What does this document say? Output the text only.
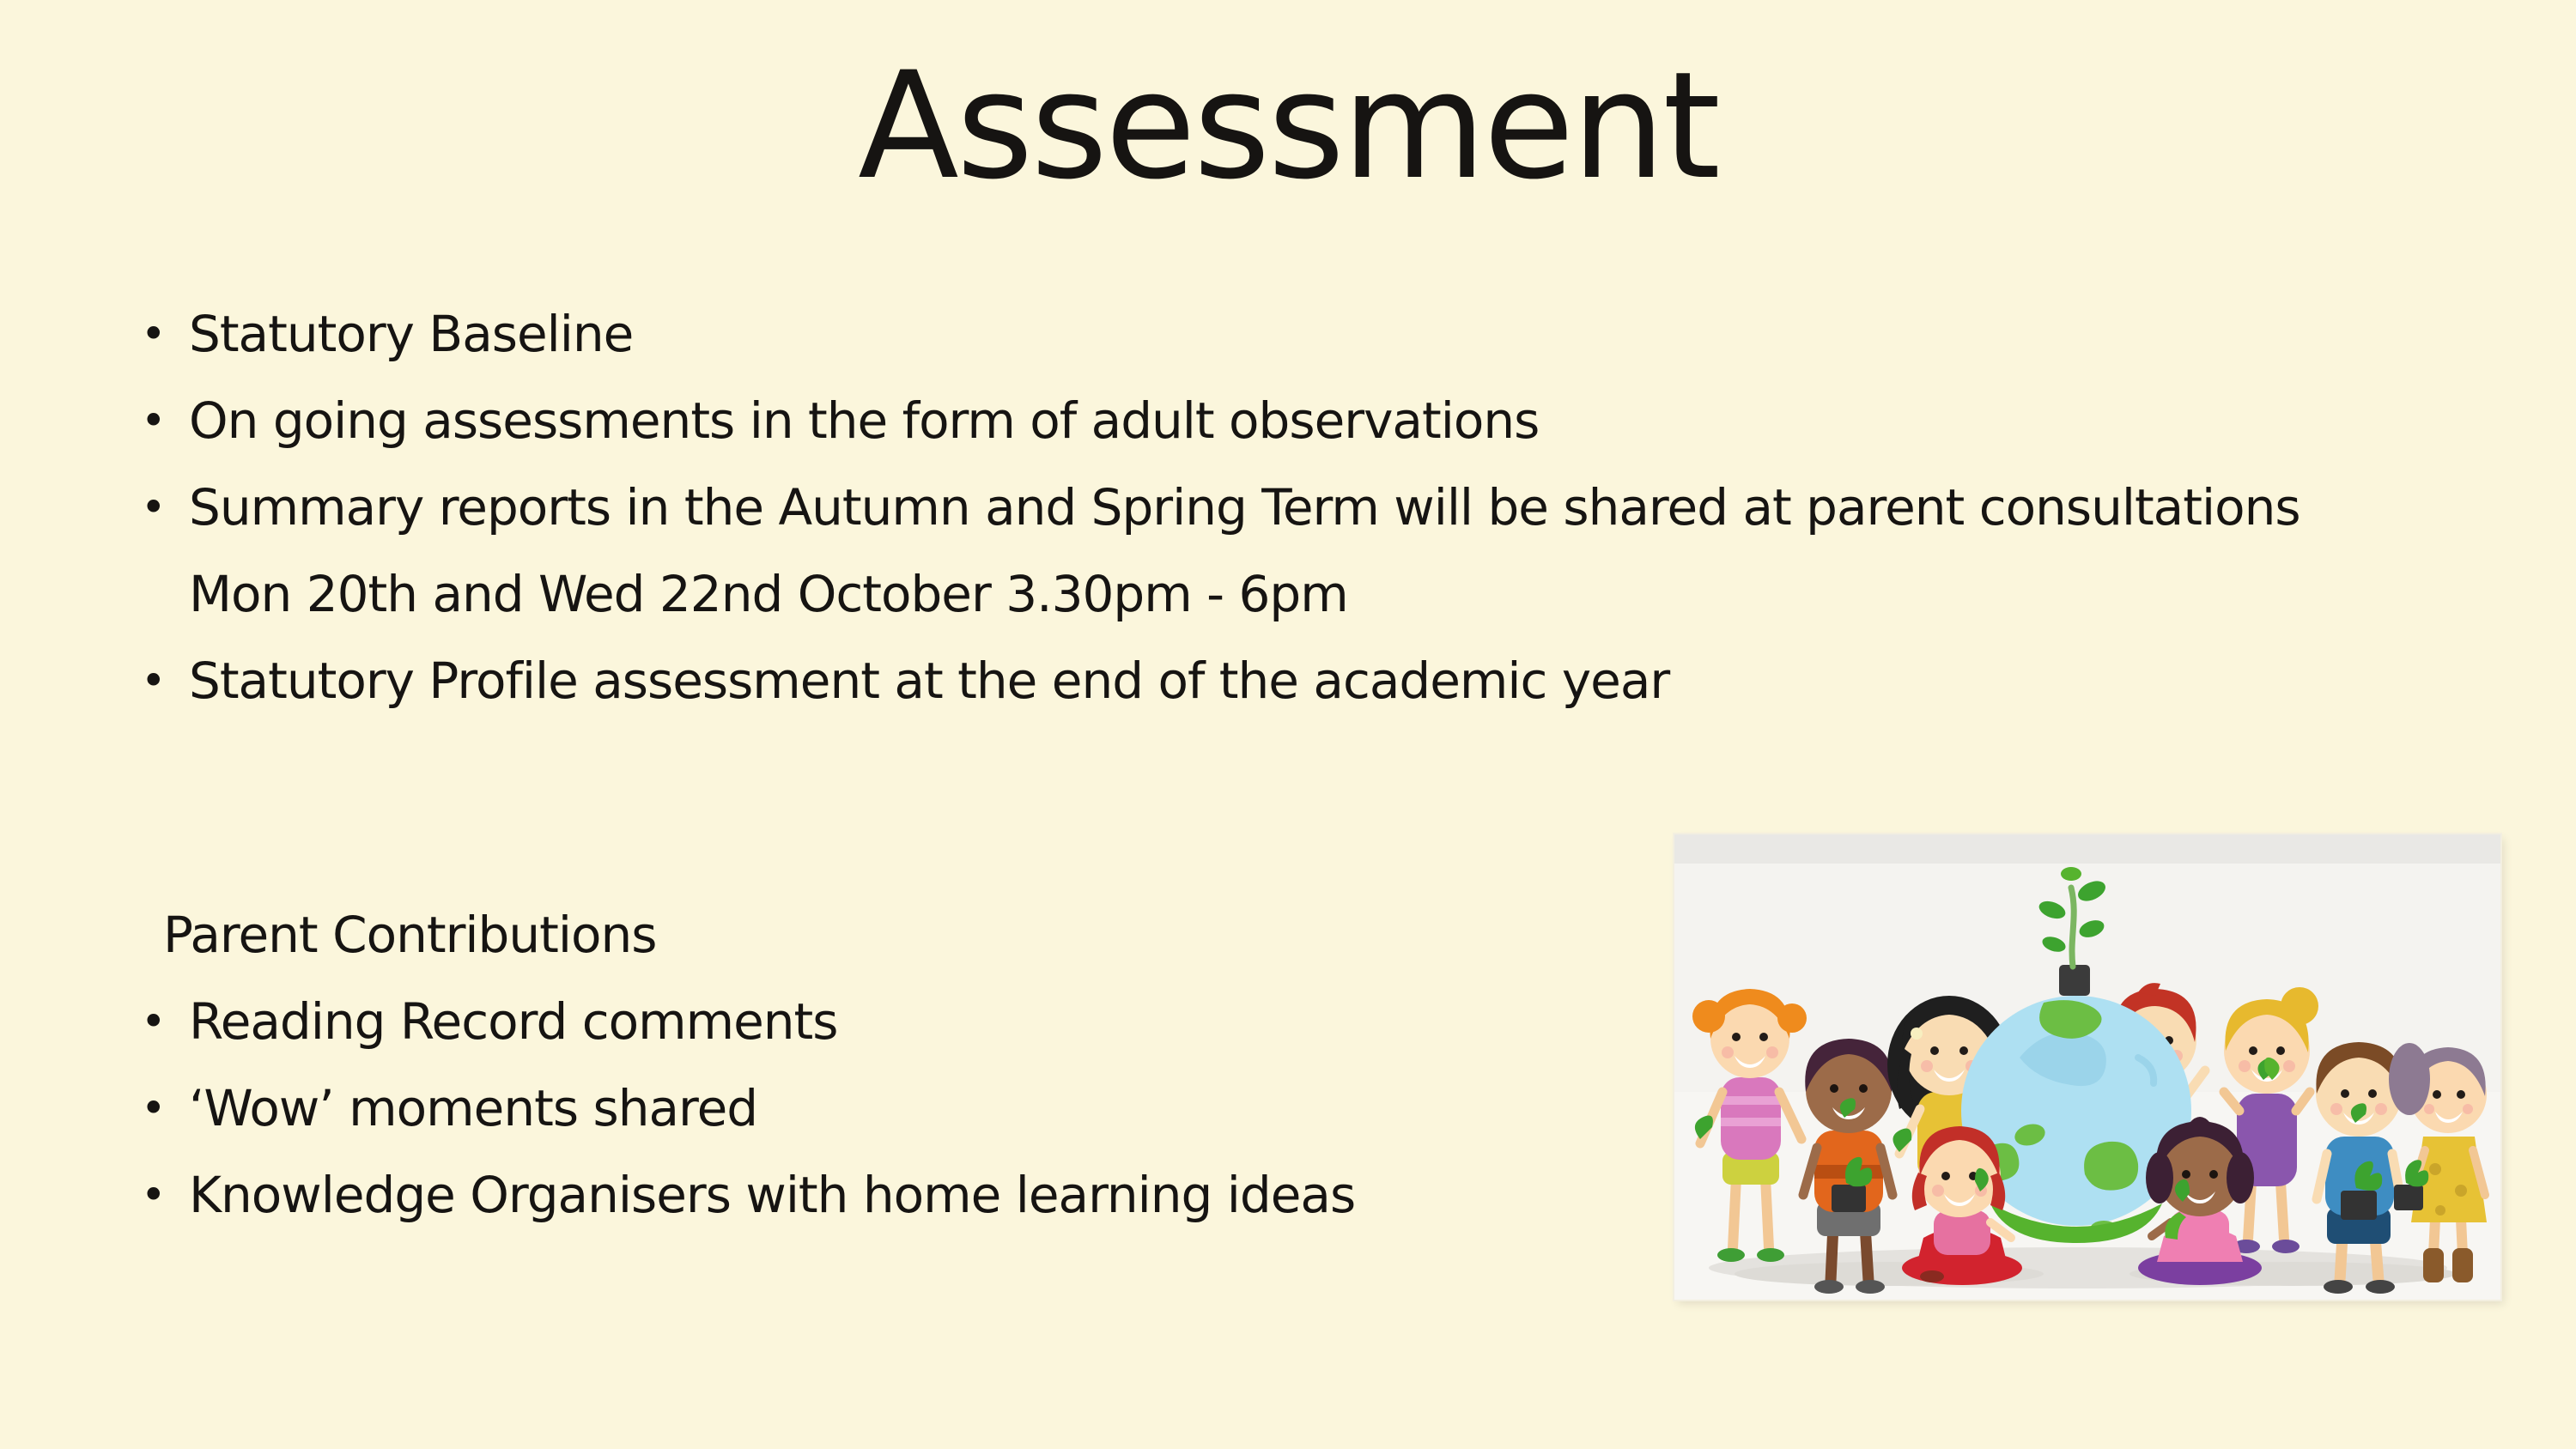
Assessment
• Statutory Baseline
• On going assessments in the form of adult observations
• Summary reports in the Autumn and Spring Term will be shared at parent consultations
Mon 20th and Wed 22nd October 3.30pm - 6pm
• Statutory Profile assessment at the end of the academic year
Parent Contributions
• Reading Record comments
• ‘Wow’ moments shared
• Knowledge Organisers with home learning ideas
